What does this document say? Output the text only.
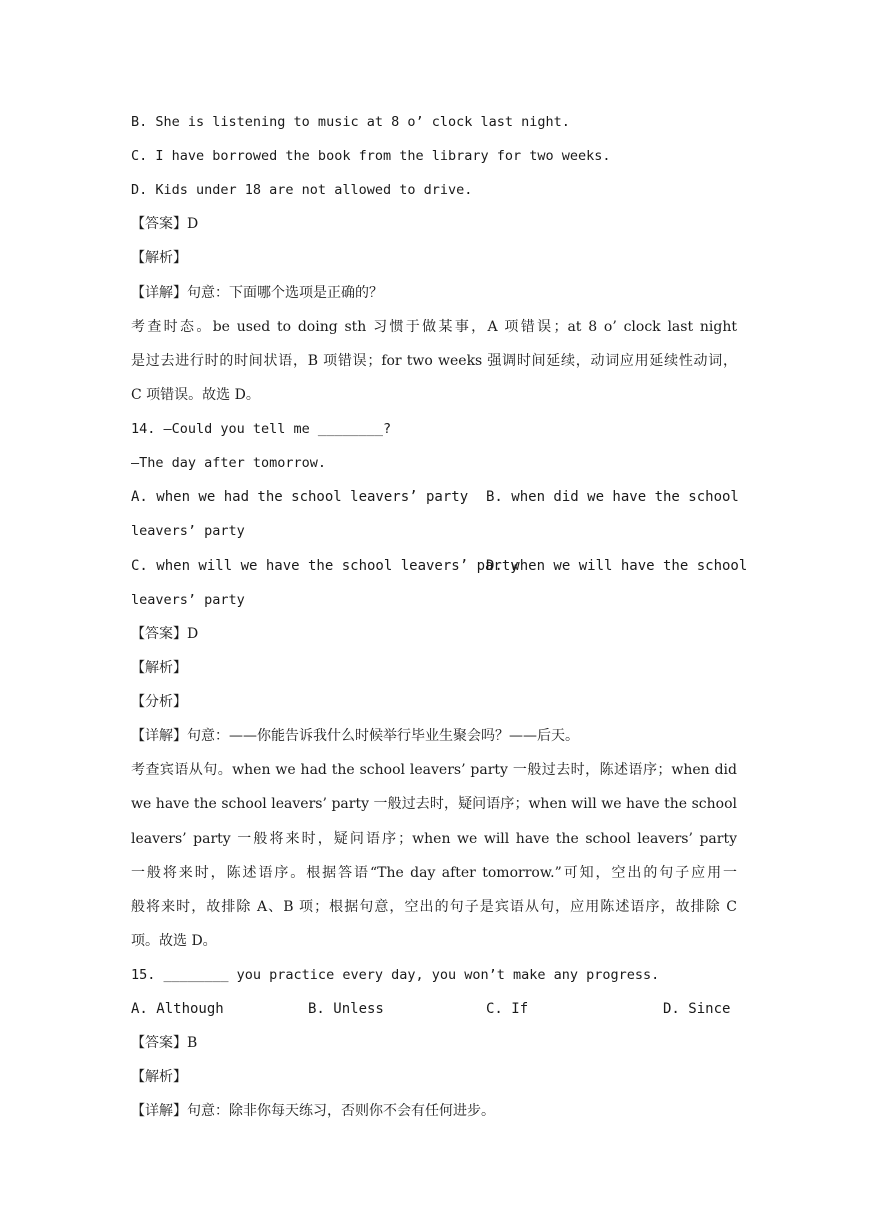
B. She is listening to music at 8 o’ clock last night.
C. I have borrowed the book from the library for two weeks.
D. Kids under 18 are not allowed to drive.
【答案】D
【解析】
【详解】句意：下面哪个选项是正确的？
考查时态。be used to doing sth 习惯于做某事，A 项错误；at 8 o’ clock last night
是过去进行时的时间状语，B 项错误；for two weeks 强调时间延续，动词应用延续性动词，
C 项错误。故选 D。
14. —Could you tell me ________?
—The day after tomorrow.
A. when we had the school leavers’ party B. when did we have the school
leavers’ party
C. when will we have the school leavers’ party
D. when we will have the school
leavers’ party
【答案】D
【解析】
【分析】
【详解】句意：——你能告诉我什么时候举行毕业生聚会吗？——后天。
考查宾语从句。when we had the school leavers’ party 一般过去时，陈述语序；when did
we have the school leavers’ party 一般过去时，疑问语序；when will we have the school
leavers’ party 一般将来时，疑问语序；when we will have the school leavers’ party
一般将来时，陈述语序。根据答语“The day after tomorrow.”可知，空出的句子应用一
般将来时，故排除 A、B 项；根据句意，空出的句子是宾语从句，应用陈述语序，故排除 C
项。故选 D。
15. ________ you practice every day, you won’t make any progress.
A. Although	B. Unless	C. If	D. Since
【答案】B
【解析】
【详解】句意：除非你每天练习，否则你不会有任何进步。
